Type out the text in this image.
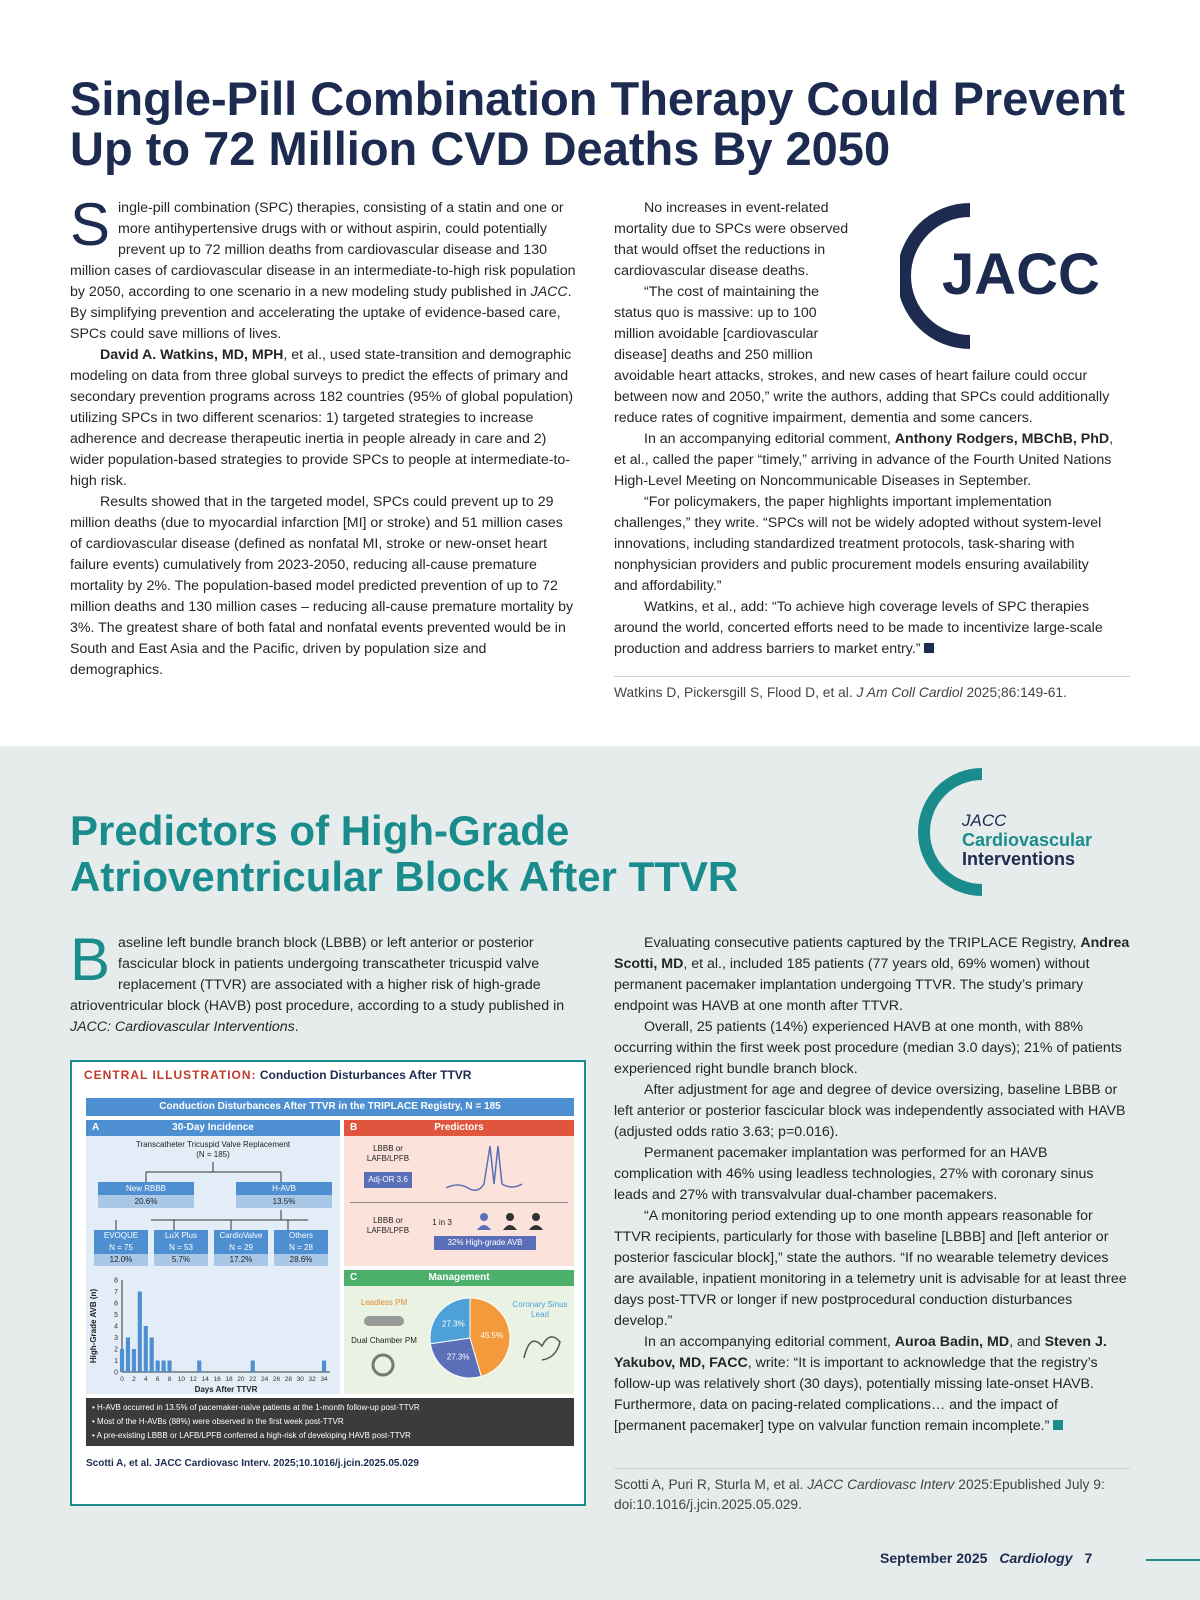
Single-Pill Combination Therapy Could Prevent Up to 72 Million CVD Deaths By 2050

Single-pill combination (SPC) therapies, consisting of a statin and one or more antihypertensive drugs with or without aspirin, could potentially prevent up to 72 million deaths from cardiovascular disease and 130 million cases of cardiovascular disease in an intermediate-to-high risk population by 2050, according to one scenario in a new modeling study published in JACC. By simplifying prevention and accelerating the uptake of evidence-based care, SPCs could save millions of lives.

David A. Watkins, MD, MPH, et al., used state-transition and demographic modeling on data from three global surveys to predict the effects of primary and secondary prevention programs across 182 countries (95% of global population) utilizing SPCs in two different scenarios: 1) targeted strategies to increase adherence and decrease therapeutic inertia in people already in care and 2) wider population-based strategies to provide SPCs to people at intermediate-to-high risk.

Results showed that in the targeted model, SPCs could prevent up to 29 million deaths (due to myocardial infarction [MI] or stroke) and 51 million cases of cardiovascular disease (defined as nonfatal MI, stroke or new-onset heart failure events) cumulatively from 2023-2050, reducing all-cause premature mortality by 2%. The population-based model predicted prevention of up to 72 million deaths and 130 million cases – reducing all-cause premature mortality by 3%. The greatest share of both fatal and nonfatal events prevented would be in South and East Asia and the Pacific, driven by population size and demographics.

JACC

No increases in event-related mortality due to SPCs were observed that would offset the reductions in cardiovascular disease deaths.

“The cost of maintaining the status quo is massive: up to 100 million avoidable [cardiovascular disease] deaths and 250 million avoidable heart attacks, strokes, and new cases of heart failure could occur between now and 2050,” write the authors, adding that SPCs could additionally reduce rates of cognitive impairment, dementia and some cancers.

In an accompanying editorial comment, Anthony Rodgers, MBChB, PhD, et al., called the paper “timely,” arriving in advance of the Fourth United Nations High-Level Meeting on Noncommunicable Diseases in September.

“For policymakers, the paper highlights important implementation challenges,” they write. “SPCs will not be widely adopted without system-level innovations, including standardized treatment protocols, task-sharing with nonphysician providers and public procurement models ensuring availability and affordability.”

Watkins, et al., add: “To achieve high coverage levels of SPC therapies around the world, concerted efforts need to be made to incentivize large-scale production and address barriers to market entry.”

Watkins D, Pickersgill S, Flood D, et al. J Am Coll Cardiol 2025;86:149-61.
Predictors of High-Grade Atrioventricular Block After TTVR
JACC
Cardiovascular
Interventions

Baseline left bundle branch block (LBBB) or left anterior or posterior fascicular block in patients undergoing transcatheter tricuspid valve replacement (TTVR) are associated with a higher risk of high-grade atrioventricular block (HAVB) post procedure, according to a study published in JACC: Cardiovascular Interventions.

CENTRAL ILLUSTRATION: Conduction Disturbances After TTVR
Conduction Disturbances After TTVR in the TRIPLACE Registry, N = 185
A	30-Day Incidence
Transcatheter Tricuspid Valve Replacement
(N = 185)
New RBBB
20.6%
H-AVB
13.5%
EVOQUE
N = 75
12.0%
LuX Plus
N = 53
5.7%
CardioValve
N = 29
17.2%
Others
N = 28
28.6%
0
1
2
3
4
5
6
7
8
0 2 4 6 8 10 12 14 16 18 20 22 24 26 28 30 32 34
Days After TTVR
High-Grade AVB (n)
B	Predictors
LBBB or LAFB/LPFB
Adj-OR 3.6
LBBB or LAFB/LPFB
1 in 3
32% High-grade AVB
C	Management
Leadless PM
Dual Chamber PM
45.5%
27.3%
27.3%
Coronary Sinus Lead
• H-AVB occurred in 13.5% of pacemaker-naïve patients at the 1-month follow-up post-TTVR
• Most of the H-AVBs (88%) were observed in the first week post-TTVR
• A pre-existing LBBB or LAFB/LPFB conferred a high-risk of developing HAVB post-TTVR
Scotti A, et al. JACC Cardiovasc Interv. 2025;10.1016/j.jcin.2025.05.029

Evaluating consecutive patients captured by the TRIPLACE Registry, Andrea Scotti, MD, et al., included 185 patients (77 years old, 69% women) without permanent pacemaker implantation undergoing TTVR. The study’s primary endpoint was HAVB at one month after TTVR.

Overall, 25 patients (14%) experienced HAVB at one month, with 88% occurring within the first week post procedure (median 3.0 days); 21% of patients experienced right bundle branch block.

After adjustment for age and degree of device oversizing, baseline LBBB or left anterior or posterior fascicular block was independently associated with HAVB (adjusted odds ratio 3.63; p=0.016).

Permanent pacemaker implantation was performed for an HAVB complication with 46% using leadless technologies, 27% with coronary sinus leads and 27% with transvalvular dual-chamber pacemakers.

“A monitoring period extending up to one month appears reasonable for TTVR recipients, particularly for those with baseline [LBBB] and [left anterior or posterior fascicular block],” state the authors. “If no wearable telemetry devices are available, inpatient monitoring in a telemetry unit is advisable for at least three days post-TTVR or longer if new postprocedural conduction disturbances develop.”

In an accompanying editorial comment, Auroa Badin, MD, and Steven J. Yakubov, MD, FACC, write: “It is important to acknowledge that the registry’s follow-up was relatively short (30 days), potentially missing late-onset HAVB. Furthermore, data on pacing-related complications… and the impact of [permanent pacemaker] type on valvular function remain incomplete.”

Scotti A, Puri R, Sturla M, et al. JACC Cardiovasc Interv 2025:Epublished July 9: doi:10.1016/j.jcin.2025.05.029.
September 2025 Cardiology 7
